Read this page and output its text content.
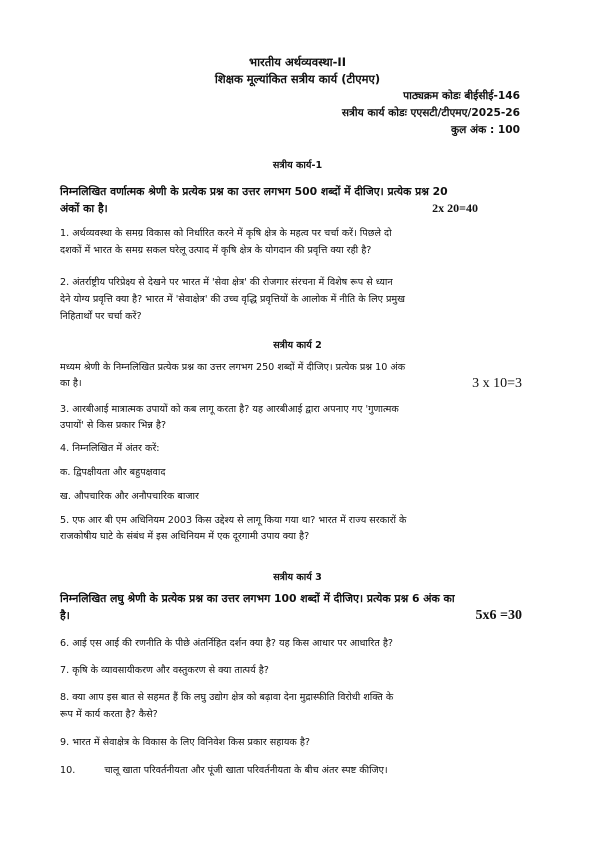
भारतीय अर्थव्यवस्था-II
शिक्षक मूल्यांकित सत्रीय कार्य (टीएमए)
पाठ्यक्रम कोडः बीईसीई-146
सत्रीय कार्य कोडः एएसटी/टीएमए/2025-26
कुल अंक : 100
सत्रीय कार्य-1
निम्नलिखित वर्णात्मक श्रेणी के प्रत्येक प्रश्न का उत्तर लगभग 500 शब्दों में दीजिए। प्रत्येक प्रश्न 20
अंकों का है।	2x 20=40
1. अर्थव्यवस्था के समग्र विकास को निर्धारित करने में कृषि क्षेत्र के महत्व पर चर्चा करें। पिछले दो
दशकों में भारत के समग्र सकल घरेलू उत्पाद में कृषि क्षेत्र के योगदान की प्रवृत्ति क्या रही है?
2. अंतर्राष्ट्रीय परिप्रेक्ष्य से देखने पर भारत में 'सेवा क्षेत्र' की रोजगार संरचना में विशेष रूप से ध्यान
देने योग्य प्रवृत्ति क्या है? भारत में 'सेवाक्षेत्र' की उच्च वृद्धि प्रवृत्तियों के आलोक में नीति के लिए प्रमुख
निहितार्थों पर चर्चा करें?
सत्रीय कार्य 2
मध्यम श्रेणी के निम्नलिखित प्रत्येक प्रश्न का उत्तर लगभग 250 शब्दों में दीजिए। प्रत्येक प्रश्न 10 अंक
का है।	3 x 10=3
3. आरबीआई मात्रात्मक उपायों को कब लागू करता है? यह आरबीआई द्वारा अपनाए गए 'गुणात्मक
उपायों' से किस प्रकार भिन्न है?
4. निम्नलिखित में अंतर करें:
क. द्विपक्षीयता और बहुपक्षवाद
ख. औपचारिक और अनौपचारिक बाजार
5. एफ आर बी एम अधिनियम 2003 किस उद्देश्य से लागू किया गया था? भारत में राज्य सरकारों के
राजकोषीय घाटे के संबंध में इस अधिनियम में एक दूरगामी उपाय क्या है?
सत्रीय कार्य 3
निम्नलिखित लघु श्रेणी के प्रत्येक प्रश्न का उत्तर लगभग 100 शब्दों में दीजिए। प्रत्येक प्रश्न 6 अंक का
है।	5x6 =30
6. आई एस आई की रणनीति के पीछे अंतर्निहित दर्शन क्या है? यह किस आधार पर आधारित है?
7. कृषि के व्यावसायीकरण और वस्तुकरण से क्या तात्पर्य है?
8. क्या आप इस बात से सहमत हैं कि लघु उद्योग क्षेत्र को बढ़ावा देना मुद्रास्फीति विरोधी शक्ति के
रूप में कार्य करता है? कैसे?
9. भारत में सेवाक्षेत्र के विकास के लिए विनिवेश किस प्रकार सहायक है?
10.	चालू खाता परिवर्तनीयता और पूंजी खाता परिवर्तनीयता के बीच अंतर स्पष्ट कीजिए।
